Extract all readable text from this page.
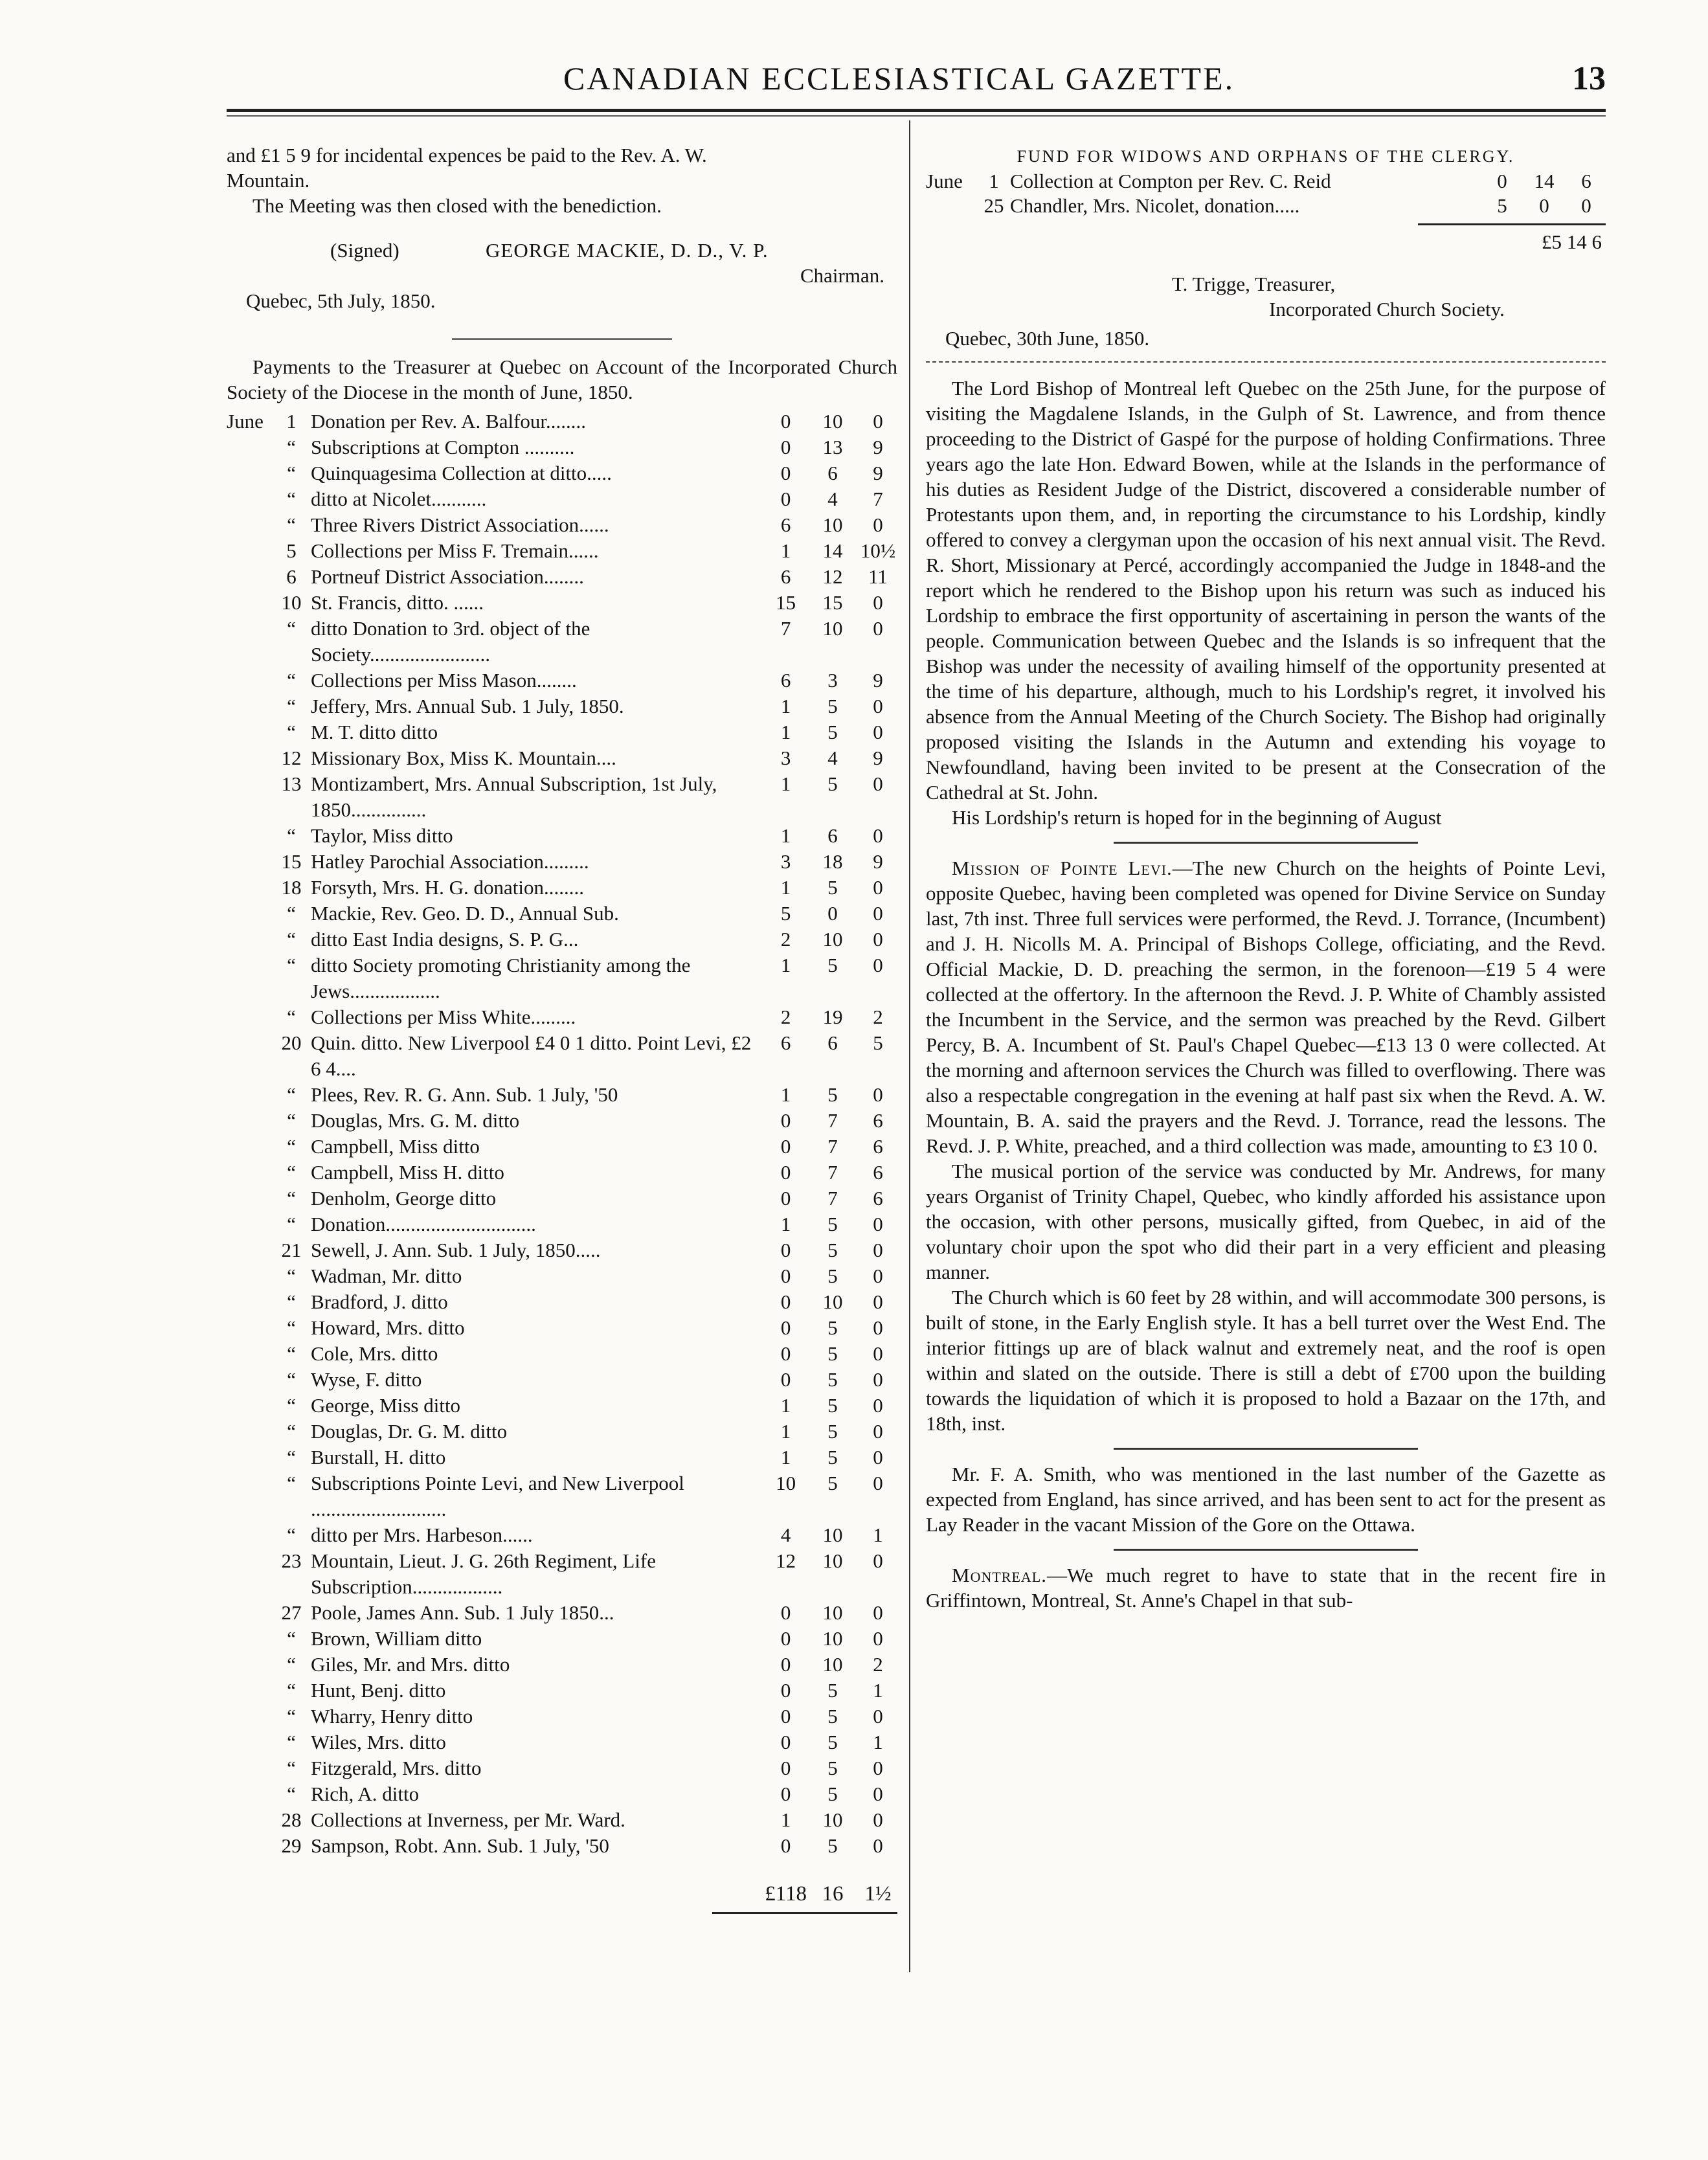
CANADIAN ECCLESIASTICAL GAZETTE.	13

and £1 5 9 for incidental expences be paid to the Rev. A. W.

Mountain.

The Meeting was then closed with the benediction.

(Signed)	GEORGE MACKIE, D. D., V. P.

Chairman.

Quebec, 5th July, 1850.

Payments to the Treasurer at Quebec on Account of the Incorporated Church Society of the Diocese in the month of June, 1850.

June	1	Donation per Rev. A. Balfour........	0	10	0
	“	Subscriptions at Compton ..........	0	13	9
	“	Quinquagesima Collection at ditto.....	0	6	9
	“	ditto at Nicolet...........	0	4	7
	“	Three Rivers District Association......	6	10	0
	5	Collections per Miss F. Tremain......	1	14	10½
	6	Portneuf District Association........	6	12	11
	10	St. Francis, ditto. ......	15	15	0
	“	ditto Donation to 3rd. object of the Society........................	7	10	0
	“	Collections per Miss Mason........	6	3	9
	“	Jeffery, Mrs. Annual Sub. 1 July, 1850.	1	5	0
	“	M. T. ditto ditto	1	5	0
	12	Missionary Box, Miss K. Mountain....	3	4	9
	13	Montizambert, Mrs. Annual Subscription, 1st July, 1850...............	1	5	0
	“	Taylor, Miss ditto	1	6	0
	15	Hatley Parochial Association.........	3	18	9
	18	Forsyth, Mrs. H. G. donation........	1	5	0
	“	Mackie, Rev. Geo. D. D., Annual Sub.	5	0	0
	“	ditto East India designs, S. P. G...	2	10	0
	“	ditto Society promoting Christianity among the Jews..................	1	5	0
	“	Collections per Miss White.........	2	19	2
	20	Quin. ditto. New Liverpool £4 0 1 ditto. Point Levi, £2 6 4....	6	6	5
	“	Plees, Rev. R. G. Ann. Sub. 1 July, '50	1	5	0
	“	Douglas, Mrs. G. M. ditto	0	7	6
	“	Campbell, Miss ditto	0	7	6
	“	Campbell, Miss H. ditto	0	7	6
	“	Denholm, George ditto	0	7	6
	“	Donation..............................	1	5	0
	21	Sewell, J. Ann. Sub. 1 July, 1850.....	0	5	0
	“	Wadman, Mr. ditto	0	5	0
	“	Bradford, J. ditto	0	10	0
	“	Howard, Mrs. ditto	0	5	0
	“	Cole, Mrs. ditto	0	5	0
	“	Wyse, F. ditto	0	5	0
	“	George, Miss ditto	1	5	0
	“	Douglas, Dr. G. M. ditto	1	5	0
	“	Burstall, H. ditto	1	5	0
	“	Subscriptions Pointe Levi, and New Liverpool ...........................	10	5	0
	“	ditto per Mrs. Harbeson......	4	10	1
	23	Mountain, Lieut. J. G. 26th Regiment, Life Subscription..................	12	10	0
	27	Poole, James Ann. Sub. 1 July 1850...	0	10	0
	“	Brown, William ditto	0	10	0
	“	Giles, Mr. and Mrs. ditto	0	10	2
	“	Hunt, Benj. ditto	0	5	1
	“	Wharry, Henry ditto	0	5	0
	“	Wiles, Mrs. ditto	0	5	1
	“	Fitzgerald, Mrs. ditto	0	5	0
	“	Rich, A. ditto	0	5	0
	28	Collections at Inverness, per Mr. Ward.	1	10	0
	29	Sampson, Robt. Ann. Sub. 1 July, '50	0	5	0
			£118	16	1½

FUND FOR WIDOWS AND ORPHANS OF THE CLERGY.

June	1	Collection at Compton per Rev. C. Reid	0	14	6
	25	Chandler, Mrs. Nicolet, donation.....	5	0	0

£5 14 6

T. Trigge, Treasurer,

Incorporated Church Society.

Quebec, 30th June, 1850.

The Lord Bishop of Montreal left Quebec on the 25th June, for the purpose of visiting the Magdalene Islands, in the Gulph of St. Lawrence, and from thence proceeding to the District of Gaspé for the purpose of holding Confirmations. Three years ago the late Hon. Edward Bowen, while at the Islands in the performance of his duties as Resident Judge of the District, discovered a considerable number of Protestants upon them, and, in reporting the circumstance to his Lordship, kindly offered to convey a clergyman upon the occasion of his next annual visit. The Revd. R. Short, Missionary at Percé, accordingly accompanied the Judge in 1848-and the report which he rendered to the Bishop upon his return was such as induced his Lordship to embrace the first opportunity of ascertaining in person the wants of the people. Communication between Quebec and the Islands is so infrequent that the Bishop was under the necessity of availing himself of the opportunity presented at the time of his departure, although, much to his Lordship's regret, it involved his absence from the Annual Meeting of the Church Society. The Bishop had originally proposed visiting the Islands in the Autumn and extending his voyage to Newfoundland, having been invited to be present at the Consecration of the Cathedral at St. John.

His Lordship's return is hoped for in the beginning of August

Mission of Pointe Levi.—The new Church on the heights of Pointe Levi, opposite Quebec, having been completed was opened for Divine Service on Sunday last, 7th inst. Three full services were performed, the Revd. J. Torrance, (Incumbent) and J. H. Nicolls M. A. Principal of Bishops College, officiating, and the Revd. Official Mackie, D. D. preaching the sermon, in the forenoon—£19 5 4 were collected at the offertory. In the afternoon the Revd. J. P. White of Chambly assisted the Incumbent in the Service, and the sermon was preached by the Revd. Gilbert Percy, B. A. Incumbent of St. Paul's Chapel Quebec—£13 13 0 were collected. At the morning and afternoon services the Church was filled to overflowing. There was also a respectable congregation in the evening at half past six when the Revd. A. W. Mountain, B. A. said the prayers and the Revd. J. Torrance, read the lessons. The Revd. J. P. White, preached, and a third collection was made, amounting to £3 10 0.

The musical portion of the service was conducted by Mr. Andrews, for many years Organist of Trinity Chapel, Quebec, who kindly afforded his assistance upon the occasion, with other persons, musically gifted, from Quebec, in aid of the voluntary choir upon the spot who did their part in a very efficient and pleasing manner.

The Church which is 60 feet by 28 within, and will accommodate 300 persons, is built of stone, in the Early English style. It has a bell turret over the West End. The interior fittings up are of black walnut and extremely neat, and the roof is open within and slated on the outside. There is still a debt of £700 upon the building towards the liquidation of which it is proposed to hold a Bazaar on the 17th, and 18th, inst.

Mr. F. A. Smith, who was mentioned in the last number of the Gazette as expected from England, has since arrived, and has been sent to act for the present as Lay Reader in the vacant Mission of the Gore on the Ottawa.

Montreal.—We much regret to have to state that in the recent fire in Griffintown, Montreal, St. Anne's Chapel in that sub-
